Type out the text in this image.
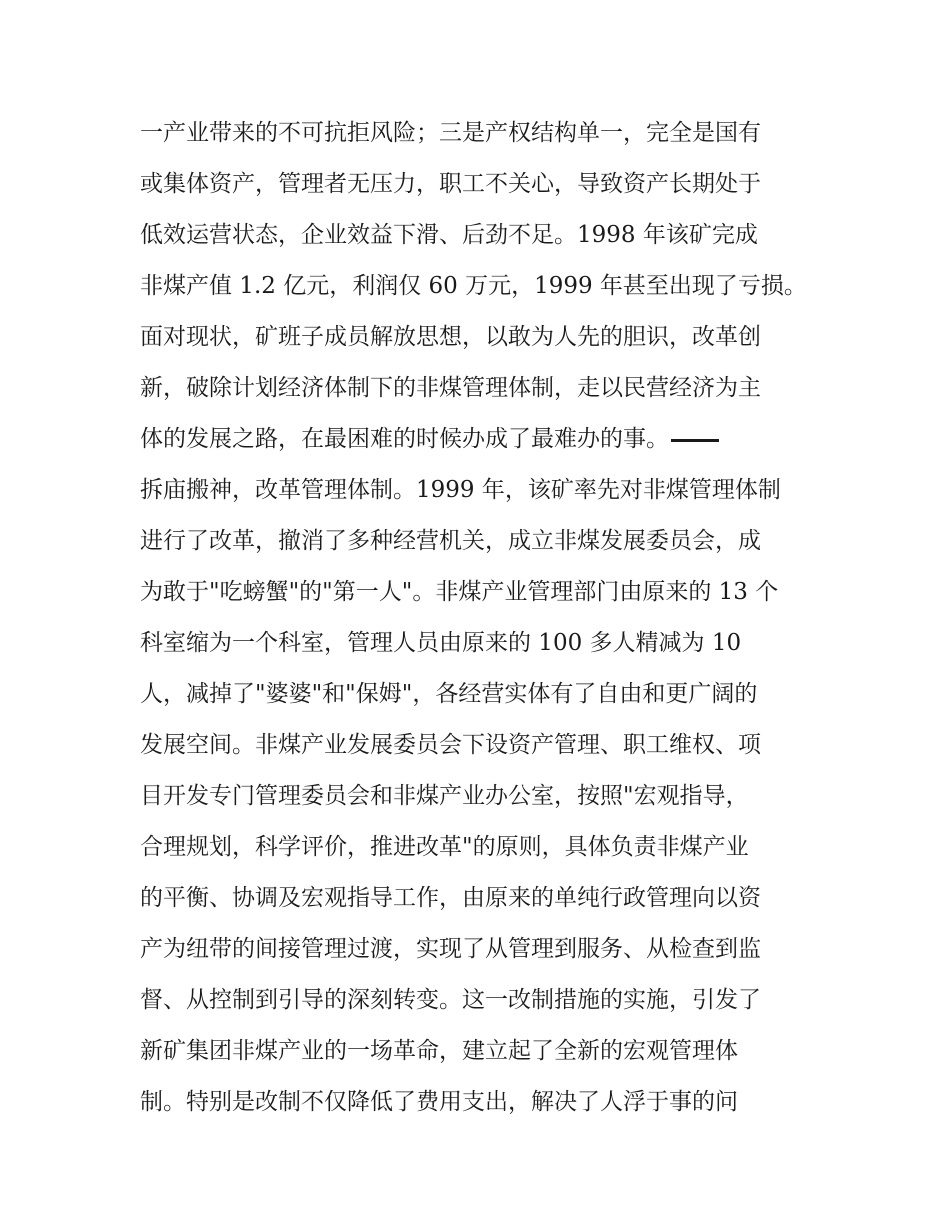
一产业带来的不可抗拒风险；三是产权结构单一，完全是国有
或集体资产，管理者无压力，职工不关心，导致资产长期处于
低效运营状态，企业效益下滑、后劲不足。1998 年该矿完成
非煤产值 1.2 亿元，利润仅 60 万元，1999 年甚至出现了亏损。
面对现状，矿班子成员解放思想，以敢为人先的胆识，改革创
新，破除计划经济体制下的非煤管理体制，走以民营经济为主
体的发展之路，在最困难的时候办成了最难办的事。
拆庙搬神，改革管理体制。1999 年，该矿率先对非煤管理体制
进行了改革，撤消了多种经营机关，成立非煤发展委员会，成
为敢于"吃螃蟹"的"第一人"。非煤产业管理部门由原来的 13 个
科室缩为一个科室，管理人员由原来的 100 多人精减为 10
人，减掉了"婆婆"和"保姆"，各经营实体有了自由和更广阔的
发展空间。非煤产业发展委员会下设资产管理、职工维权、项
目开发专门管理委员会和非煤产业办公室，按照"宏观指导，
合理规划，科学评价，推进改革"的原则，具体负责非煤产业
的平衡、协调及宏观指导工作，由原来的单纯行政管理向以资
产为纽带的间接管理过渡，实现了从管理到服务、从检查到监
督、从控制到引导的深刻转变。这一改制措施的实施，引发了
新矿集团非煤产业的一场革命，建立起了全新的宏观管理体
制。特别是改制不仅降低了费用支出，解决了人浮于事的问
